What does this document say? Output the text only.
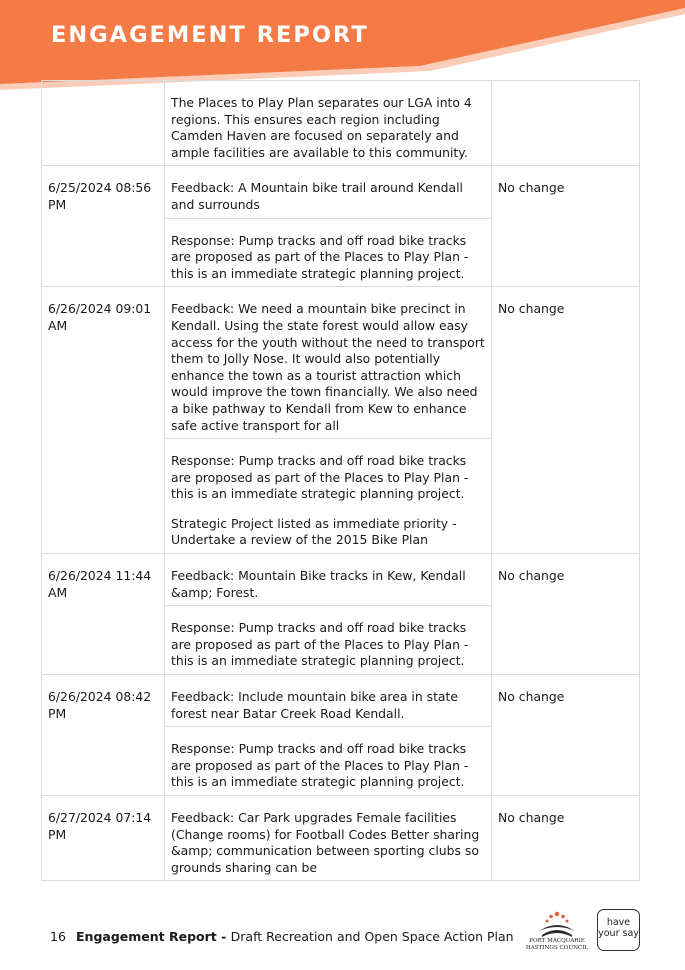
ENGAGEMENT REPORT
	The Places to Play Plan separates our LGA into 4 regions. This ensures each region including Camden Haven are focused on separately and ample facilities are available to this community.	
6/25/2024 08:56 PM	Feedback: A Mountain bike trail around Kendall and surrounds	No change

	Response: Pump tracks and off road bike tracks are proposed as part of the Places to Play Plan - this is an immediate strategic planning project.	

6/26/2024 09:01 AM	Feedback: We need a mountain bike precinct in Kendall. Using the state forest would allow easy access for the youth without the need to transport them to Jolly Nose. It would also potentially enhance the town as a tourist attraction which would improve the town financially. We also need a bike pathway to Kendall from Kew to enhance safe active transport for all	No change

	Response: Pump tracks and off road bike tracks are proposed as part of the Places to Play Plan - this is an immediate strategic planning project.

Strategic Project listed as immediate priority - Undertake a review of the 2015 Bike Plan	

6/26/2024 11:44 AM	Feedback: Mountain Bike tracks in Kew, Kendall &amp; Forest.	No change

	Response: Pump tracks and off road bike tracks are proposed as part of the Places to Play Plan - this is an immediate strategic planning project.	

6/26/2024 08:42 PM	Feedback: Include mountain bike area in state forest near Batar Creek Road Kendall.	No change

	Response: Pump tracks and off road bike tracks are proposed as part of the Places to Play Plan - this is an immediate strategic planning project.	

6/27/2024 07:14 PM	Feedback: Car Park upgrades Female facilities (Change rooms) for Football Codes Better sharing &amp; communication between sporting clubs so grounds sharing can be	No change
16 Engagement Report - Draft Recreation and Open Space Action Plan	PORT MACQUARIE HASTINGS COUNCIL
have your say
